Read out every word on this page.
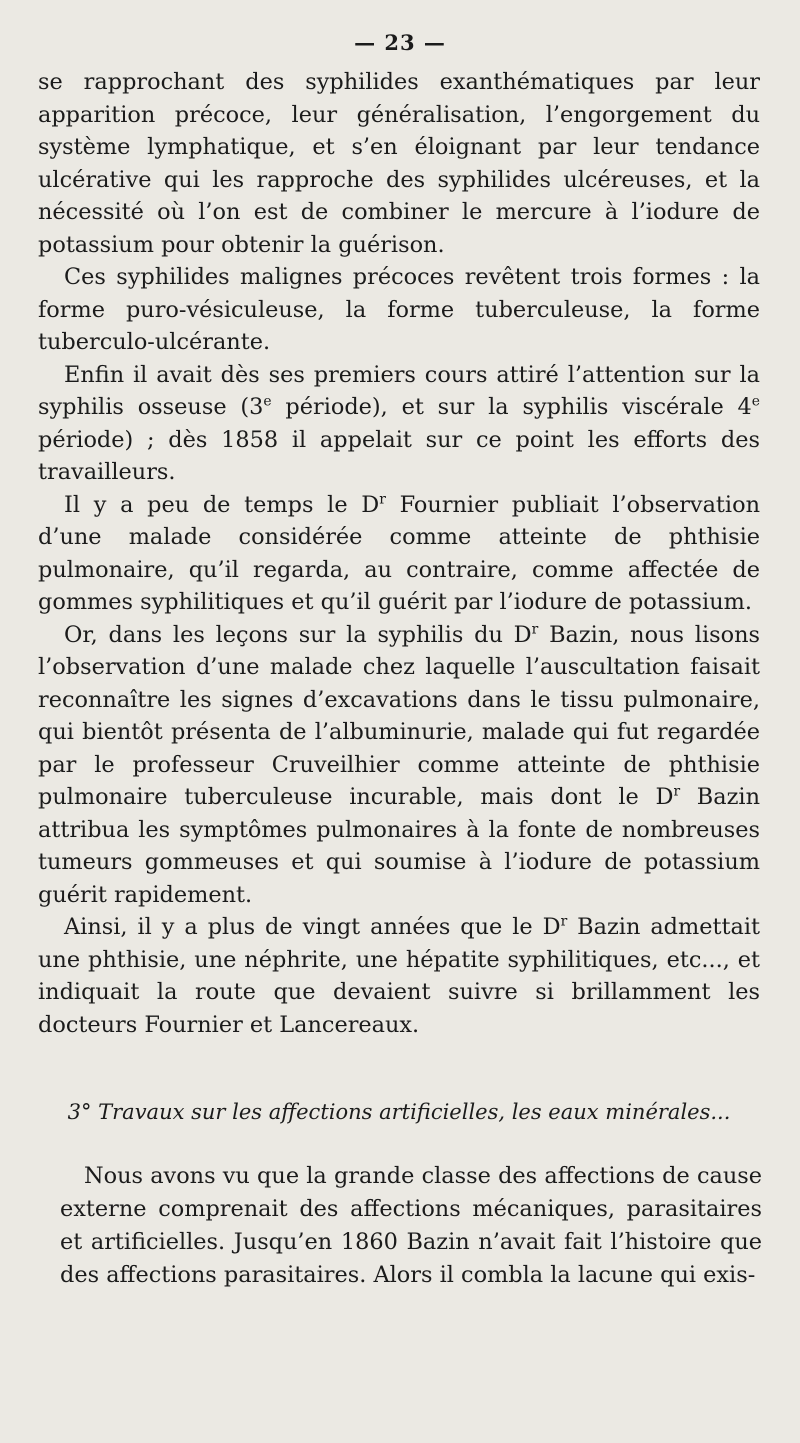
— 23 —

se rapprochant des syphilides exanthématiques par leur apparition précoce, leur généralisation, l’engorgement du système lymphatique, et s’en éloignant par leur tendance ulcérative qui les rapproche des syphilides ulcéreuses, et la nécessité où l’on est de combiner le mercure à l’iodure de potassium pour obtenir la guérison.

Ces syphilides malignes précoces revêtent trois formes : la forme puro-vésiculeuse, la forme tuberculeuse, la forme tuberculo-ulcérante.

Enfin il avait dès ses premiers cours attiré l’attention sur la syphilis osseuse (3e période), et sur la syphilis viscérale 4e période) ; dès 1858 il appelait sur ce point les efforts des travailleurs.

Il y a peu de temps le $D^r$ Fournier publiait l’observation d’une malade considérée comme atteinte de phthisie pulmonaire, qu’il regarda, au contraire, comme affectée de gommes syphilitiques et qu’il guérit par l’iodure de potassium.

Or, dans les leçons sur la syphilis du $D^r$ Bazin, nous lisons l’observation d’une malade chez laquelle l’auscultation faisait reconnaître les signes d’excavations dans le tissu pulmonaire, qui bientôt présenta de l’albuminurie, malade qui fut regardée par le professeur Cruveilhier comme atteinte de phthisie pulmonaire tuberculeuse incurable, mais dont le $D^r$ Bazin attribua les symptômes pulmonaires à la fonte de nombreuses tumeurs gommeuses et qui soumise à l’iodure de potassium guérit rapidement.

Ainsi, il y a plus de vingt années que le $D^r$ Bazin admettait une phthisie, une néphrite, une hépatite syphilitiques, etc..., et indiquait la route que devaient suivre si brillamment les docteurs Fournier et Lancereaux.

3° Travaux sur les affections artificielles, les eaux minérales...

Nous avons vu que la grande classe des affections de cause externe comprenait des affections mécaniques, parasitaires et artificielles. Jusqu’en 1860 Bazin n’avait fait l’histoire que des affections parasitaires. Alors il combla la lacune qui exis-
